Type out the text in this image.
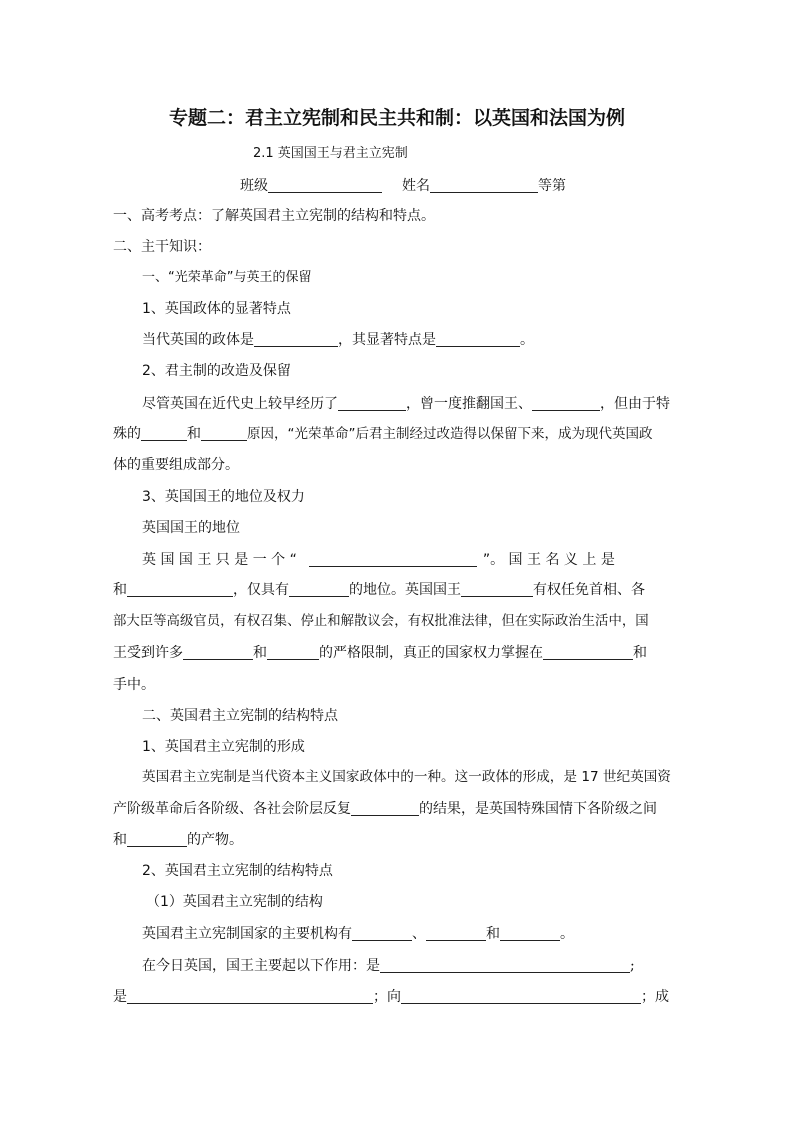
专题二：君主立宪制和民主共和制：以英国和法国为例
2.1 英国国王与君主立宪制
班级	姓名	等第
一、高考考点：了解英国君主立宪制的结构和特点。
二、主干知识：
一、“光荣革命”与英王的保留
1、英国政体的显著特点
当代英国的政体是	，其显著特点是	。
2、君主制的改造及保留
尽管英国在近代史上较早经历了	，曾一度推翻国王、	，但由于特
殊的	和	原因，“光荣革命”后君主制经过改造得以保留下来，成为现代英国政
体的重要组成部分。
3、英国国王的地位及权力
英国国王的地位
英 国 国 王 只 是 一 个 “	”。 国 王 名 义 上 是
和	，仅具有	的地位。英国国王	有权任免首相、各
部大臣等高级官员，有权召集、停止和解散议会，有权批准法律，但在实际政治生活中，国
王受到许多	和	的严格限制，真正的国家权力掌握在	和
手中。
二、英国君主立宪制的结构特点
1、英国君主立宪制的形成
英国君主立宪制是当代资本主义国家政体中的一种。这一政体的形成，是 17 世纪英国资
产阶级革命后各阶级、各社会阶层反复	的结果，是英国特殊国情下各阶级之间
和	的产物。
2、英国君主立宪制的结构特点
（1）英国君主立宪制的结构
英国君主立宪制国家的主要机构有	、	和	。
在今日英国，国王主要起以下作用：是	;
是	；向	；成
